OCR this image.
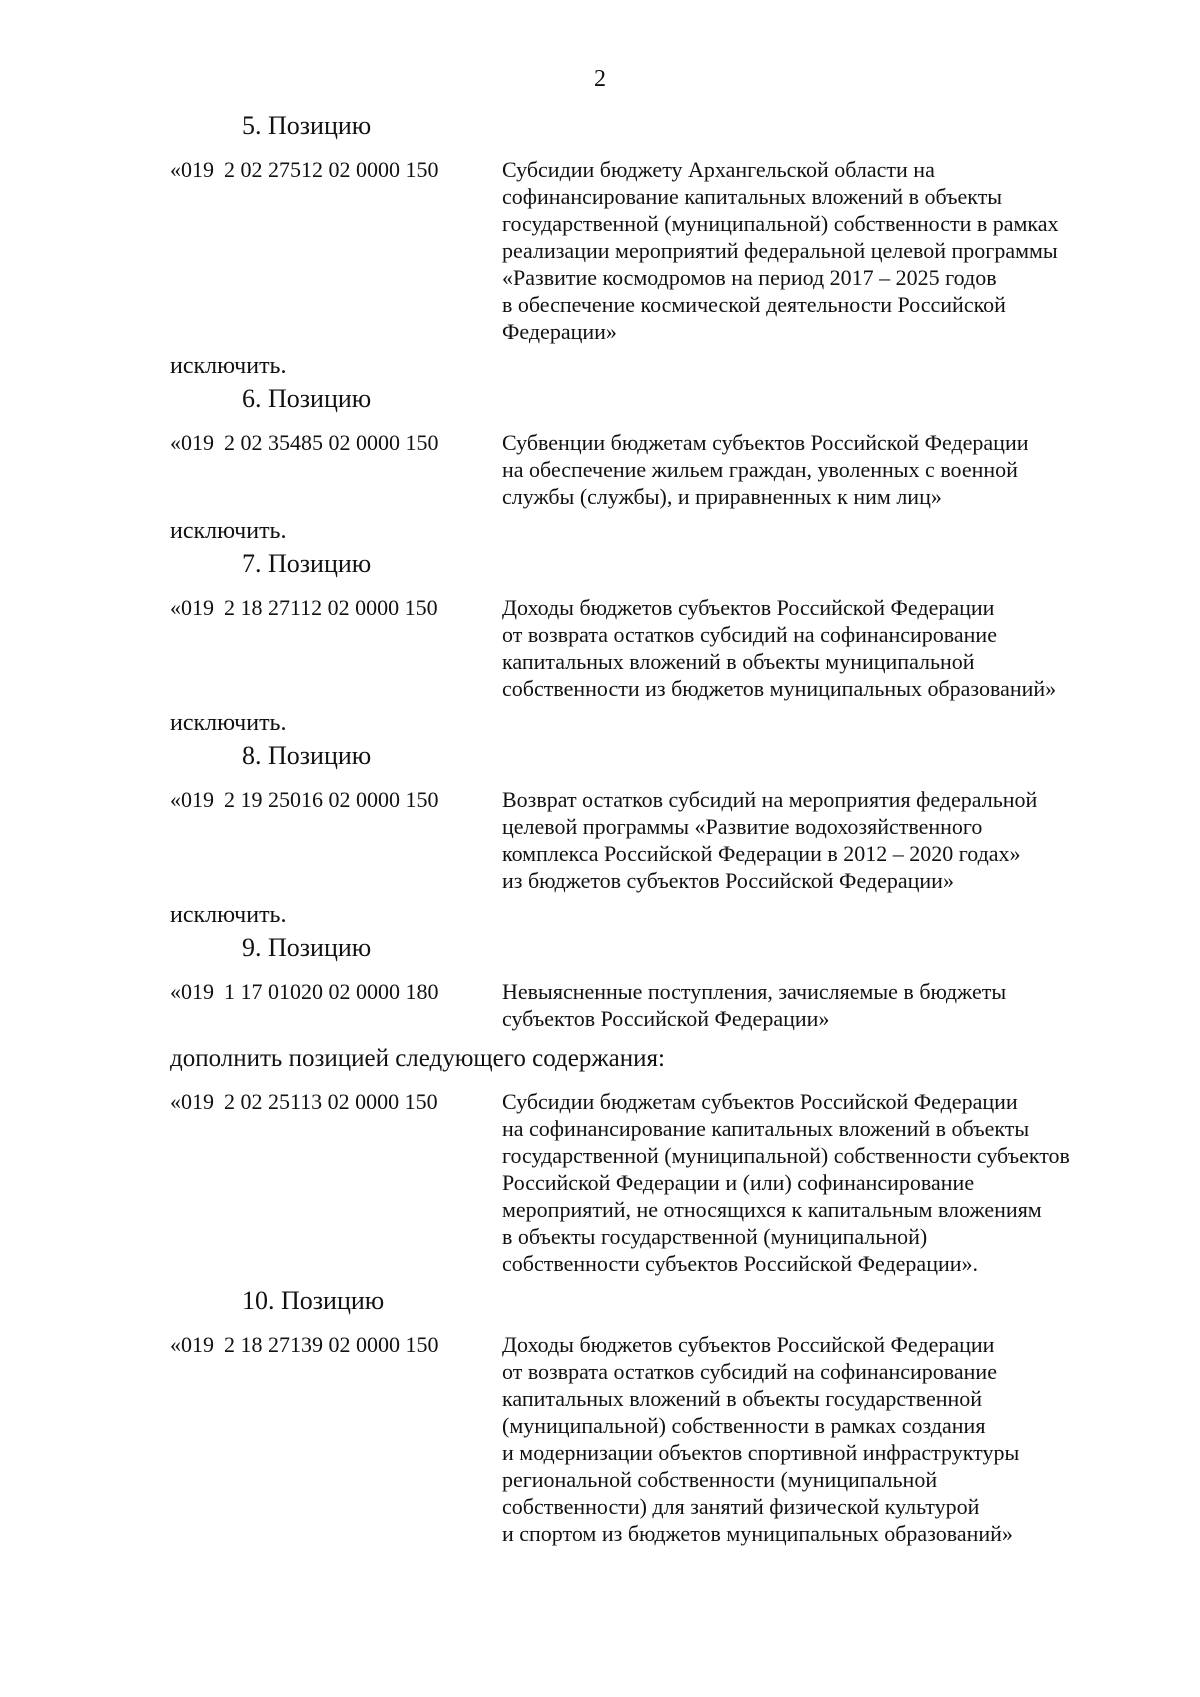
2
5. Позицию
«019 2 02 27512 02 0000 150	Субсидии бюджету Архангельской области на
софинансирование капитальных вложений в объекты
государственной (муниципальной) собственности в рамках
реализации мероприятий федеральной целевой программы
«Развитие космодромов на период 2017 – 2025 годов
в обеспечение космической деятельности Российской
Федерации»
исключить.
6. Позицию
«019 2 02 35485 02 0000 150	Субвенции бюджетам субъектов Российской Федерации
на обеспечение жильем граждан, уволенных с военной
службы (службы), и приравненных к ним лиц»
исключить.
7. Позицию
«019 2 18 27112 02 0000 150	Доходы бюджетов субъектов Российской Федерации
от возврата остатков субсидий на софинансирование
капитальных вложений в объекты муниципальной
собственности из бюджетов муниципальных образований»
исключить.
8. Позицию
«019 2 19 25016 02 0000 150	Возврат остатков субсидий на мероприятия федеральной
целевой программы «Развитие водохозяйственного
комплекса Российской Федерации в 2012 – 2020 годах»
из бюджетов субъектов Российской Федерации»
исключить.
9. Позицию
«019 1 17 01020 02 0000 180	Невыясненные поступления, зачисляемые в бюджеты
субъектов Российской Федерации»
дополнить позицией следующего содержания:
«019 2 02 25113 02 0000 150	Субсидии бюджетам субъектов Российской Федерации
на софинансирование капитальных вложений в объекты
государственной (муниципальной) собственности субъектов
Российской Федерации и (или) софинансирование
мероприятий, не относящихся к капитальным вложениям
в объекты государственной (муниципальной)
собственности субъектов Российской Федерации».
10. Позицию
«019 2 18 27139 02 0000 150	Доходы бюджетов субъектов Российской Федерации
от возврата остатков субсидий на софинансирование
капитальных вложений в объекты государственной
(муниципальной) собственности в рамках создания
и модернизации объектов спортивной инфраструктуры
региональной собственности (муниципальной
собственности) для занятий физической культурой
и спортом из бюджетов муниципальных образований»
